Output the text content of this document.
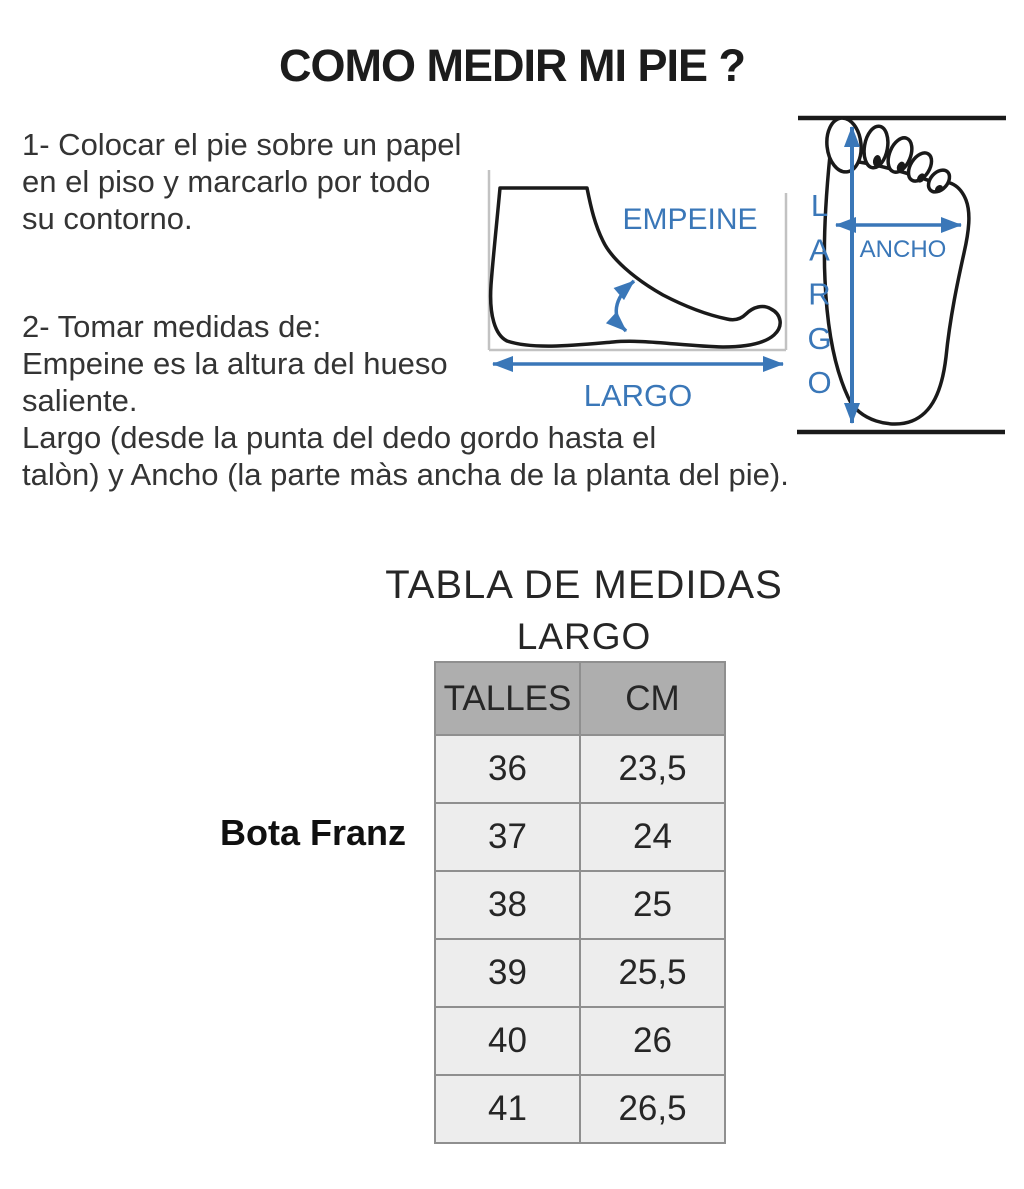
COMO MEDIR MI PIE ?
1- Colocar el pie sobre un papel
en el piso y marcarlo por todo
su contorno.
2- Tomar medidas de:
Empeine es la altura del hueso
saliente.
Largo (desde la punta del dedo gordo hasta el
talòn) y Ancho (la parte màs ancha de la planta del pie).
EMPEINE
LARGO
ANCHO
LARGO
TABLA DE MEDIDAS
LARGO
Bota Franz
TALLES	CM
36	23,5
37	24
38	25
39	25,5
40	26
41	26,5
